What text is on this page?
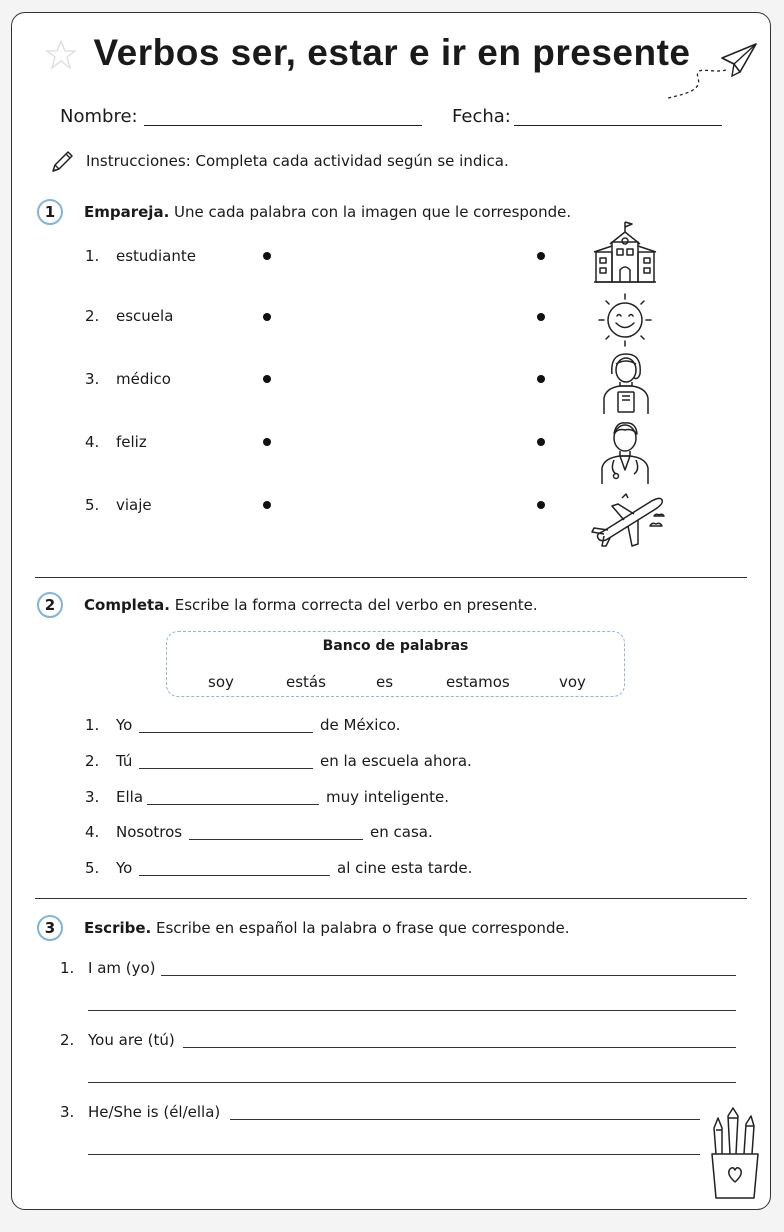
Verbos ser, estar e ir en presente
Nombre:	Fecha:
Instrucciones: Completa cada actividad según se indica.
1	Empareja. Une cada palabra con la imagen que le corresponde.
1. estudiante
2. escuela
3. médico
4. feliz
5. viaje
2	Completa. Escribe la forma correcta del verbo en presente.
Banco de palabras
soy	estás	es	estamos	voy
1. Yo	de México.
2. Tú	en la escuela ahora.
3. Ella	muy inteligente.
4. Nosotros	en casa.
5. Yo	al cine esta tarde.
3	Escribe. Escribe en español la palabra o frase que corresponde.
1. I am (yo)
2. You are (tú)
3. He/She is (él/ella)
